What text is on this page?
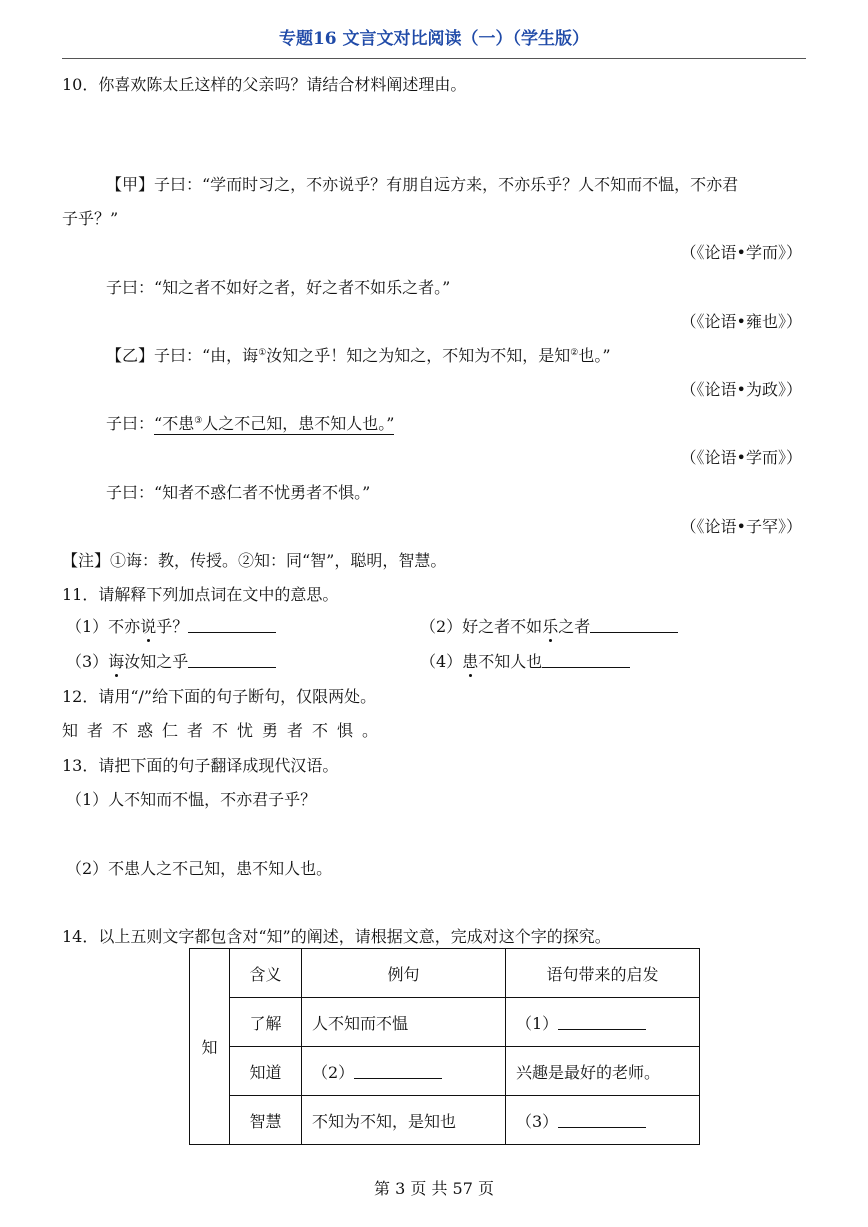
专题16 文言文对比阅读（一）（学生版）
10．你喜欢陈太丘这样的父亲吗？请结合材料阐述理由。
【甲】子曰：“学而时习之，不亦说乎？有朋自远方来，不亦乐乎？人不知而不愠，不亦君
子乎？”
（《论语•学而》）
子曰：“知之者不如好之者，好之者不如乐之者。”
（《论语•雍也》）
【乙】子曰：“由，诲①汝知之乎！知之为知之，不知为不知，是知②也。”
（《论语•为政》）
子曰：“不患③人之不己知，患不知人也。”
（《论语•学而》）
子曰：“知者不惑仁者不忧勇者不惧。”
（《论语•子罕》）
【注】①诲：教，传授。②知：同“智”，聪明，智慧。
11．请解释下列加点词在文中的意思。
（1）不亦说乎？	（2）好之者不如乐之者
（3）诲汝知之乎	（4）患不知人也
12．请用“/”给下面的句子断句，仅限两处。
知者不惑仁者不忧勇者不惧。
13．请把下面的句子翻译成现代汉语。
（1）人不知而不愠，不亦君子乎？
（2）不患人之不己知，患不知人也。
14．以上五则文字都包含对“知”的阐述，请根据文意，完成对这个字的探究。
知	含义	例句	语句带来的启发
	了解	人不知而不愠	（1）
	知道	（2）	兴趣是最好的老师。
	智慧	不知为不知，是知也	（3）
第 3 页 共 57 页
